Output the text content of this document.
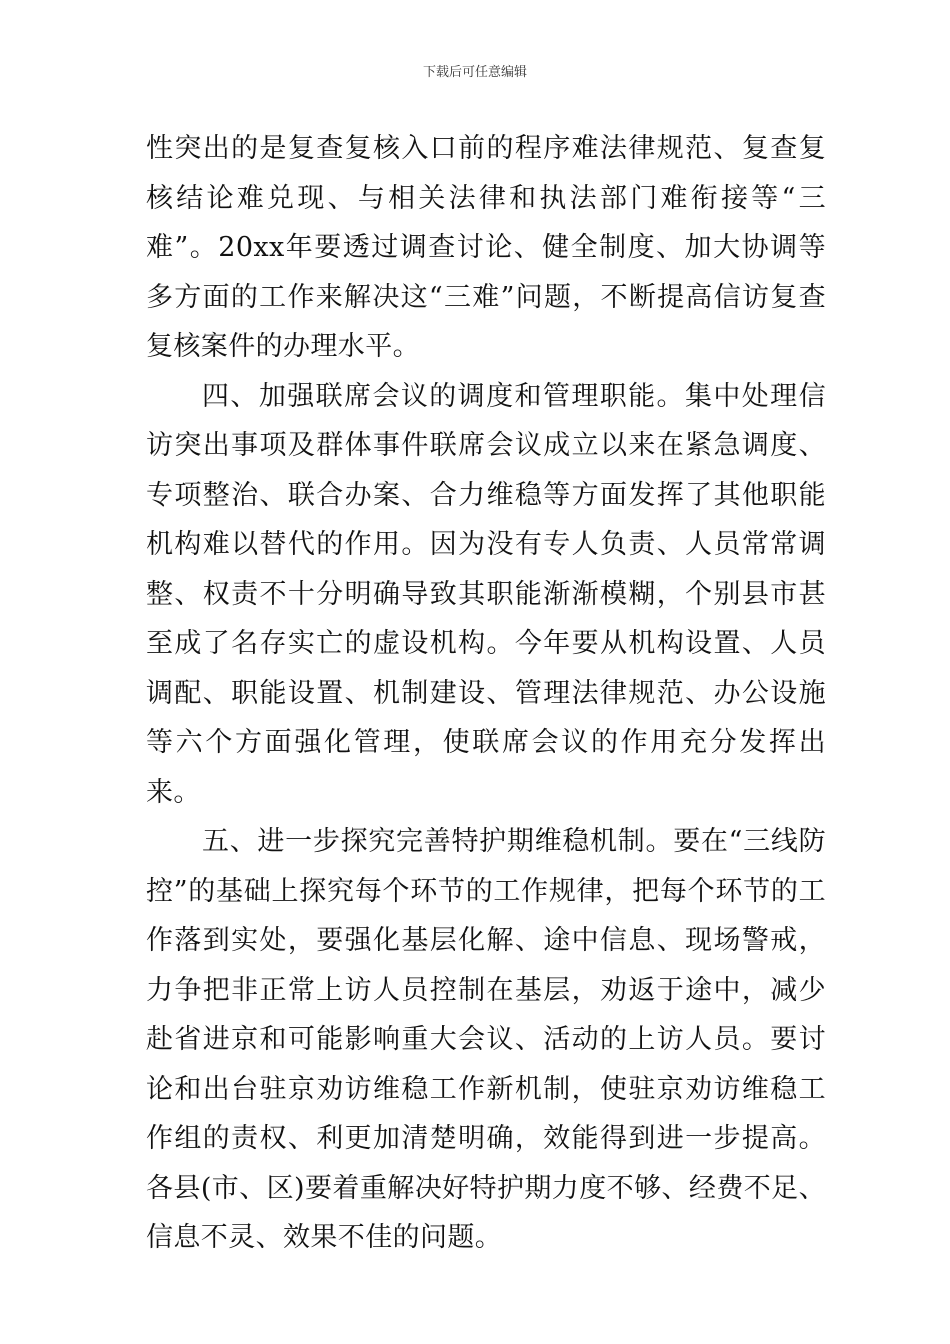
下载后可任意编辑

性突出的是复查复核入口前的程序难法律规范、复查复核结论难兑现、与相关法律和执法部门难衔接等“三难”。20xx年要透过调查讨论、健全制度、加大协调等多方面的工作来解决这“三难”问题，不断提高信访复查复核案件的办理水平。

四、加强联席会议的调度和管理职能。集中处理信访突出事项及群体事件联席会议成立以来在紧急调度、专项整治、联合办案、合力维稳等方面发挥了其他职能机构难以替代的作用。因为没有专人负责、人员常常调整、权责不十分明确导致其职能渐渐模糊，个别县市甚至成了名存实亡的虚设机构。今年要从机构设置、人员调配、职能设置、机制建设、管理法律规范、办公设施等六个方面强化管理，使联席会议的作用充分发挥出来。

五、进一步探究完善特护期维稳机制。要在“三线防控”的基础上探究每个环节的工作规律，把每个环节的工作落到实处，要强化基层化解、途中信息、现场警戒，力争把非正常上访人员控制在基层，劝返于途中，减少赴省进京和可能影响重大会议、活动的上访人员。要讨论和出台驻京劝访维稳工作新机制，使驻京劝访维稳工作组的责权、利更加清楚明确，效能得到进一步提高。各县(市、区)要着重解决好特护期力度不够、经费不足、信息不灵、效果不佳的问题。
